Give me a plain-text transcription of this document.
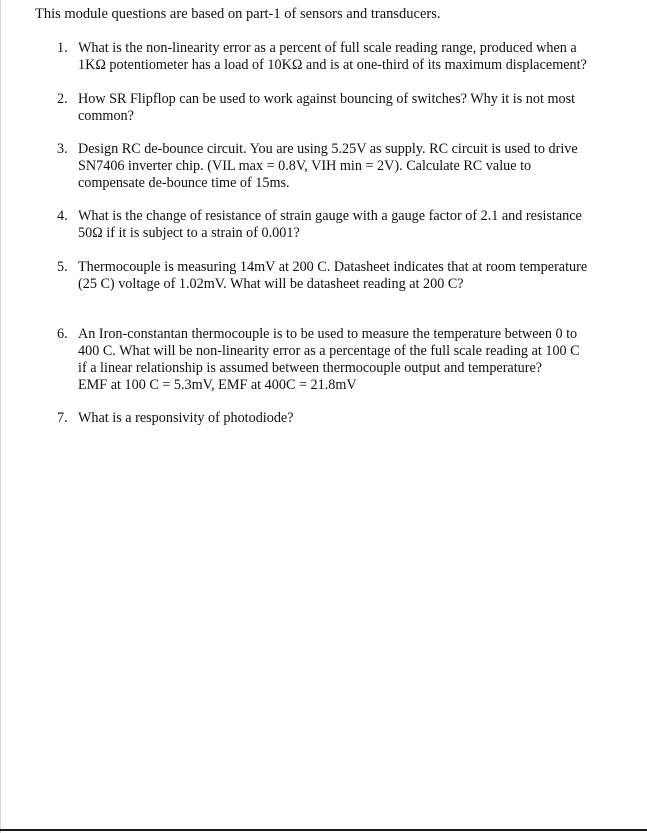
This module questions are based on part-1 of sensors and transducers.
1. What is the non-linearity error as a percent of full scale reading range, produced when a
1KΩ potentiometer has a load of 10KΩ and is at one-third of its maximum displacement?
2. How SR Flipflop can be used to work against bouncing of switches? Why it is not most
common?
3. Design RC de-bounce circuit. You are using 5.25V as supply. RC circuit is used to drive
SN7406 inverter chip. (VIL max = 0.8V, VIH min = 2V). Calculate RC value to
compensate de-bounce time of 15ms.
4. What is the change of resistance of strain gauge with a gauge factor of 2.1 and resistance
50Ω if it is subject to a strain of 0.001?
5. Thermocouple is measuring 14mV at 200 C. Datasheet indicates that at room temperature
(25 C) voltage of 1.02mV. What will be datasheet reading at 200 C?
6. An Iron-constantan thermocouple is to be used to measure the temperature between 0 to
400 C. What will be non-linearity error as a percentage of the full scale reading at 100 C
if a linear relationship is assumed between thermocouple output and temperature?
EMF at 100 C = 5.3mV, EMF at 400C = 21.8mV
7. What is a responsivity of photodiode?
